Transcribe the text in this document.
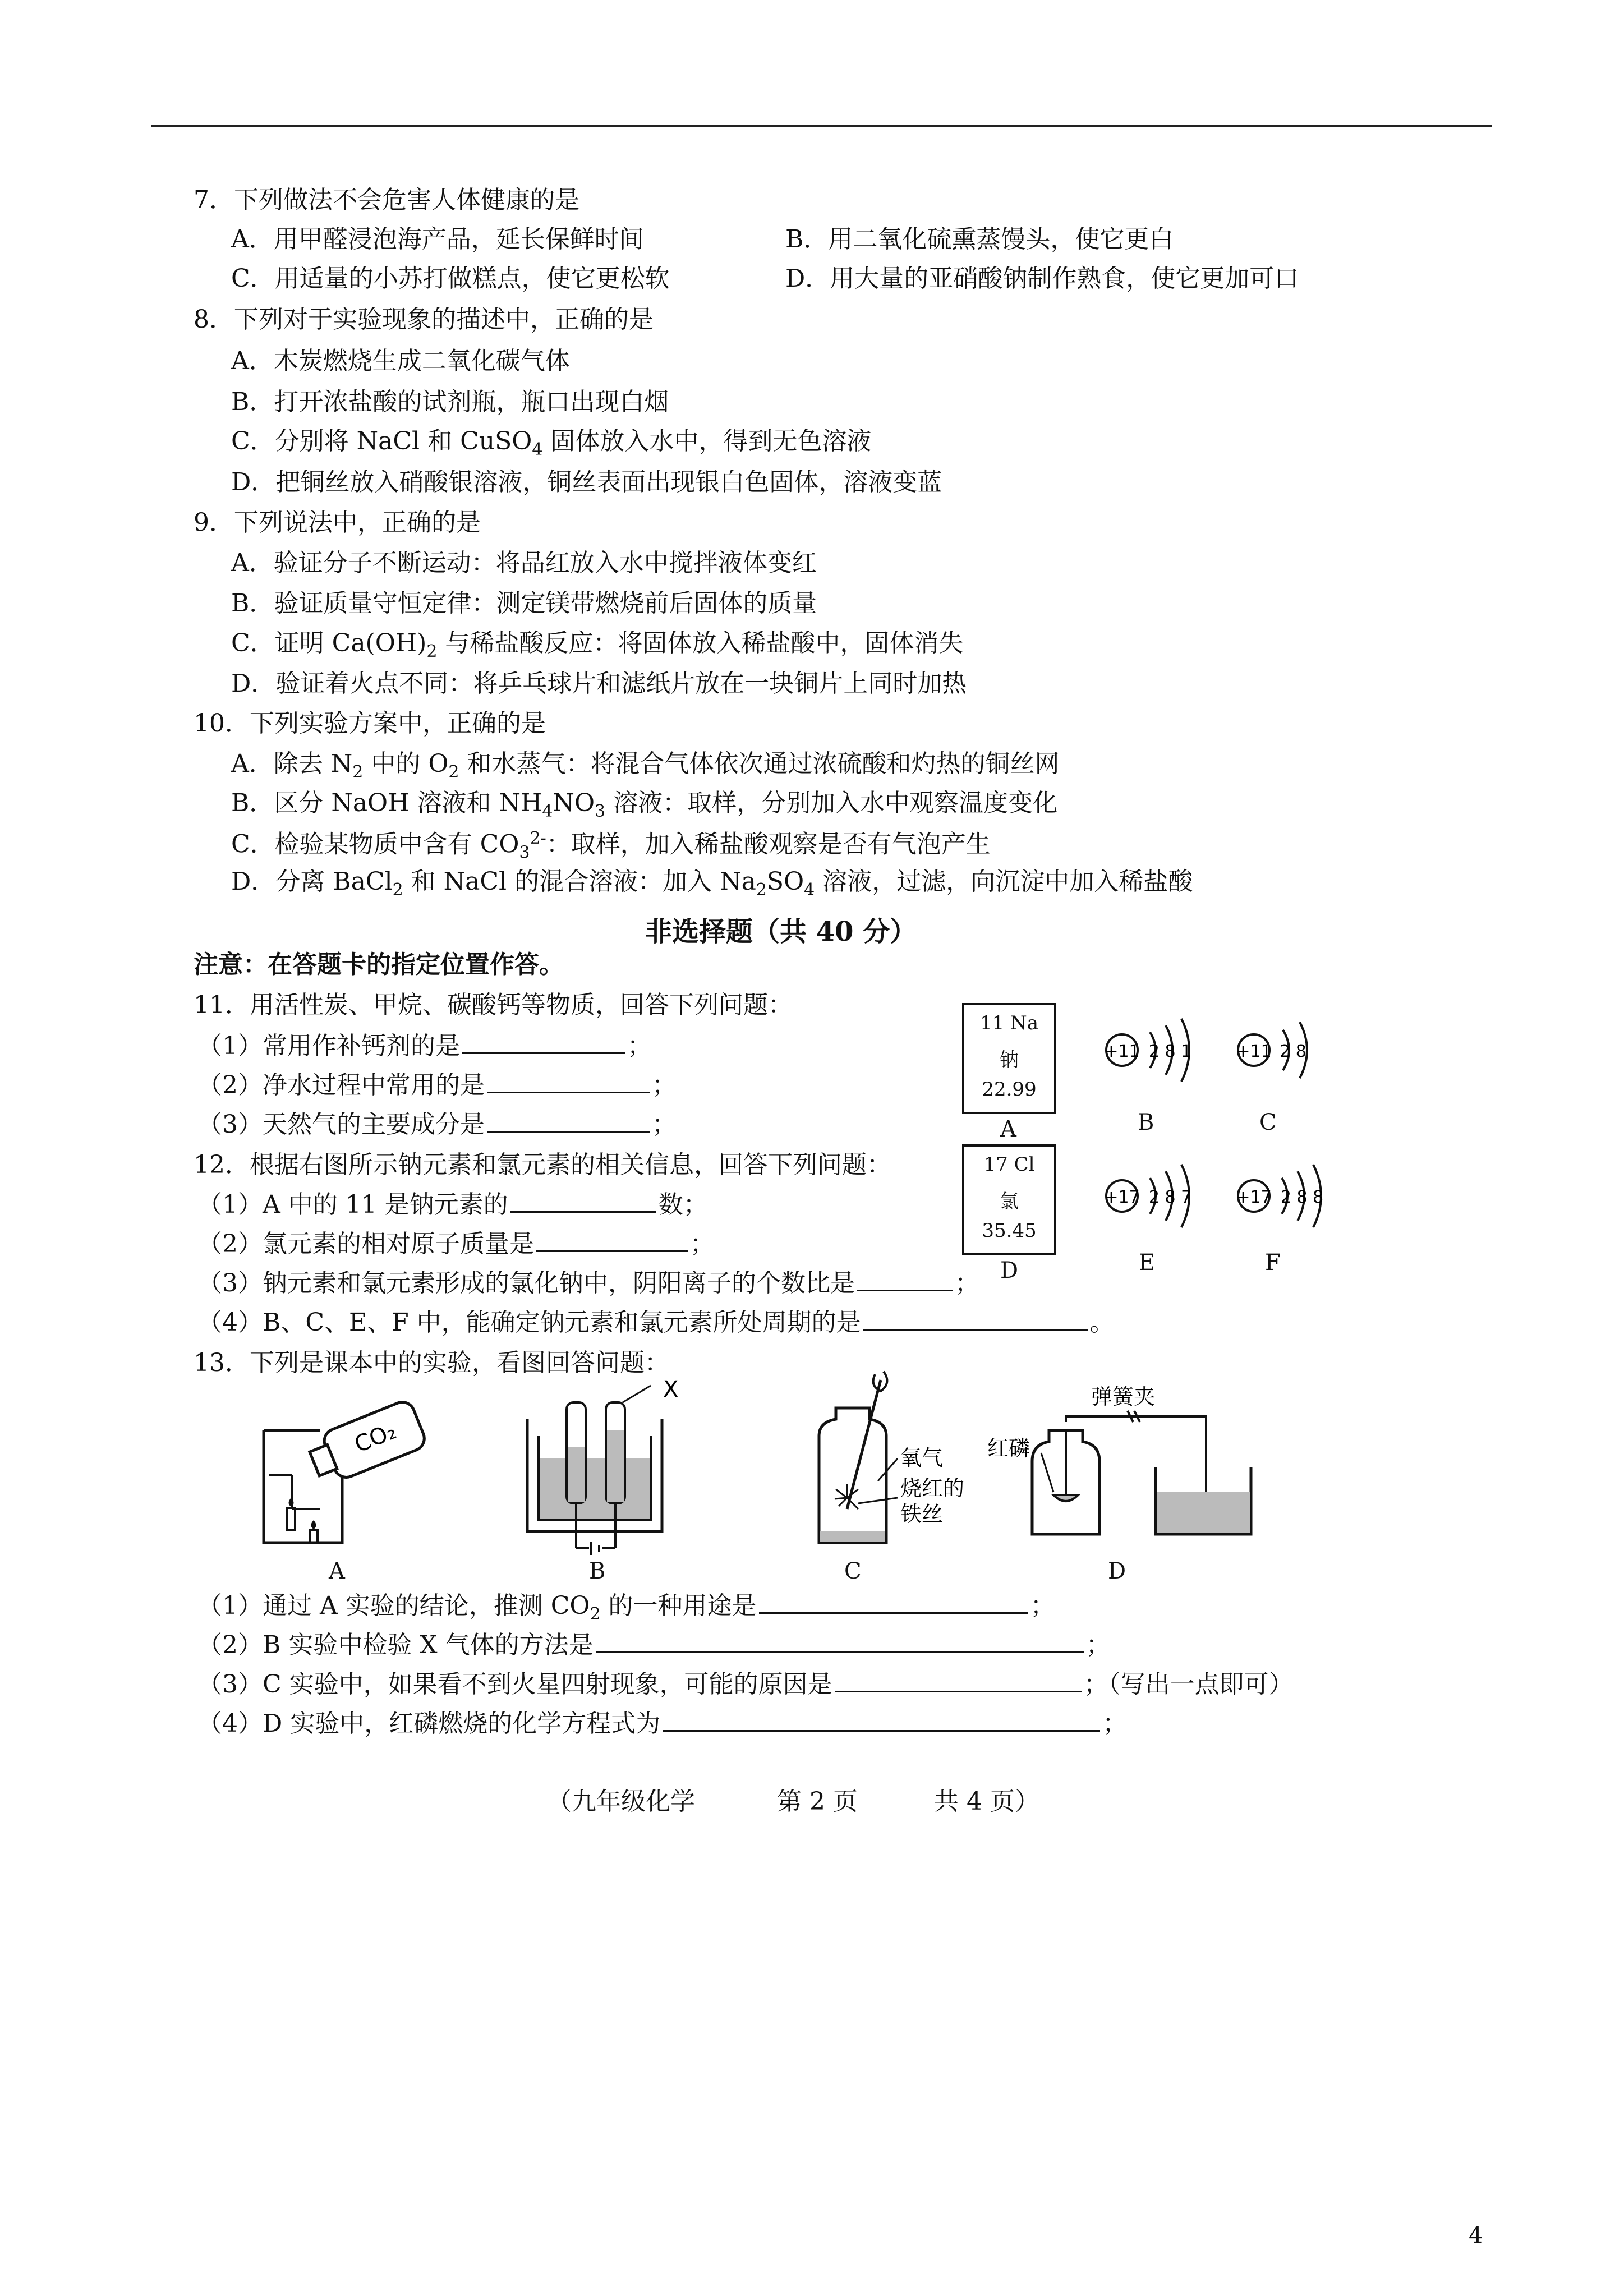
7．下列做法不会危害人体健康的是
A．用甲醛浸泡海产品，延长保鲜时间	B．用二氧化硫熏蒸馒头，使它更白
C．用适量的小苏打做糕点，使它更松软	D．用大量的亚硝酸钠制作熟食，使它更加可口
8．下列对于实验现象的描述中，正确的是
A．木炭燃烧生成二氧化碳气体
B．打开浓盐酸的试剂瓶，瓶口出现白烟
C．分别将 NaCl 和 CuSO$_4$ 固体放入水中，得到无色溶液
D．把铜丝放入硝酸银溶液，铜丝表面出现银白色固体，溶液变蓝
9．下列说法中，正确的是
A．验证分子不断运动：将品红放入水中搅拌液体变红
B．验证质量守恒定律：测定镁带燃烧前后固体的质量
C．证明 $Ca(OH)_2$ 与稀盐酸反应：将固体放入稀盐酸中，固体消失
D．验证着火点不同：将乒乓球片和滤纸片放在一块铜片上同时加热
10．下列实验方案中，正确的是
A．除去 $N_2$ 中的 $O_2$ 和水蒸气：将混合气体依次通过浓硫酸和灼热的铜丝网
B．区分 NaOH 溶液和 $NH_4NO_3$ 溶液：取样，分别加入水中观察温度变化
C．检验某物质中含有 $CO_3^{2-}$：取样，加入稀盐酸观察是否有气泡产生
D．分离 BaCl$_2$ 和 NaCl 的混合溶液：加入 $Na_2SO_4$ 溶液，过滤，向沉淀中加入稀盐酸
非选择题（共 40 分）
注意：在答题卡的指定位置作答。
11．用活性炭、甲烷、碳酸钙等物质，回答下列问题：
（1）常用作补钙剂的是	；
（2）净水过程中常用的是	；
（3）天然气的主要成分是	；
12．根据右图所示钠元素和氯元素的相关信息，回答下列问题：
（1）A 中的 11 是钠元素的	数；
（2）氯元素的相对原子质量是	；
（3）钠元素和氯元素形成的氯化钠中，阴阳离子的个数比是	；
（4）B、C、E、F 中，能确定钠元素和氯元素所处周期的是	。
11 Na
钠
22.99
A
17 Cl
氯
35.45
D
+11 2 8 1
B
+11 2 8
C
+17 2 8 7
E
+17 2 8 8
F
13．下列是课本中的实验，看图回答问题：
CO₂
A
X
B
氧气
烧红的
铁丝
C
弹簧夹
红磷
D
（1）通过 A 实验的结论，推测 $CO_2$ 的一种用途是	；
（2）B 实验中检验 X 气体的方法是	；
（3）C 实验中，如果看不到火星四射现象，可能的原因是	；（写出一点即可）
（4）D 实验中，红磷燃烧的化学方程式为	；
（九年级化学	第 2 页	共 4 页）
4
